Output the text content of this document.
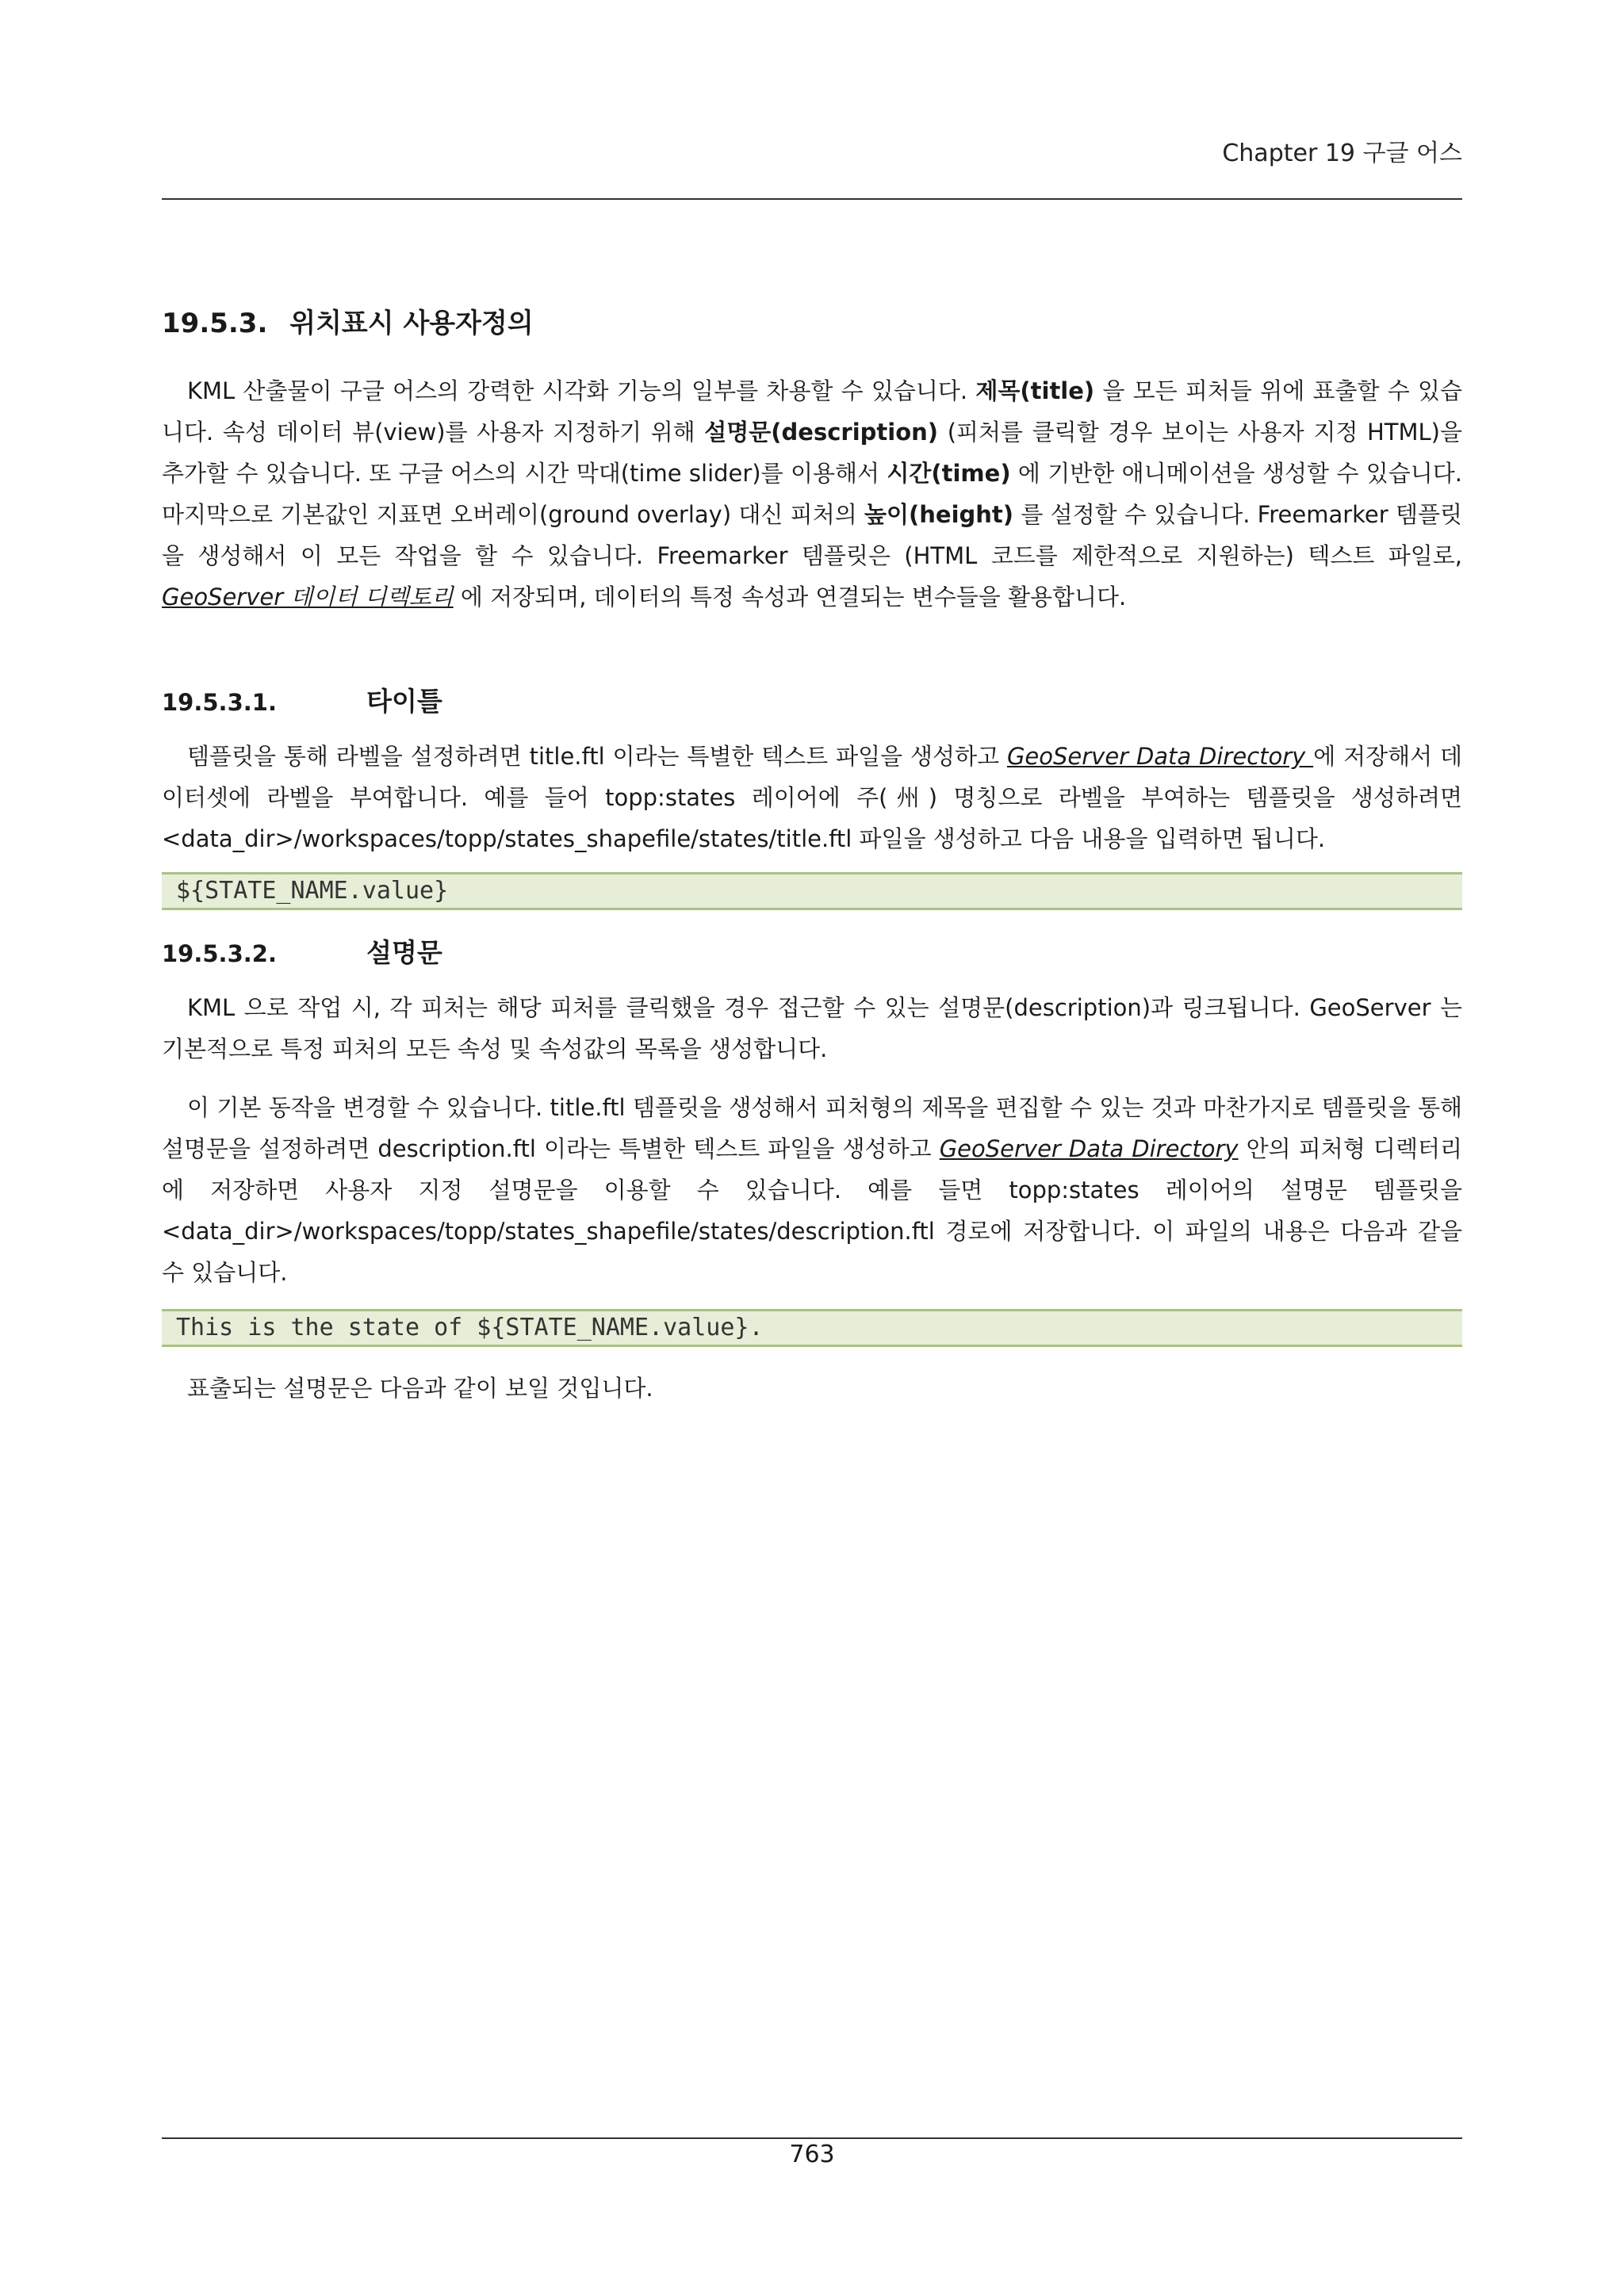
Chapter 19 구글 어스
19.5.3. 위치표시 사용자정의

KML 산출물이 구글 어스의 강력한 시각화 기능의 일부를 차용할 수 있습니다. 제목(title) 을 모든 피처들 위에 표출할 수 있습니다. 속성 데이터 뷰(view)를 사용자 지정하기 위해 설명문(description) (피처를 클릭할 경우 보이는 사용자 지정 HTML)을 추가할 수 있습니다. 또 구글 어스의 시간 막대(time slider)를 이용해서 시간(time) 에 기반한 애니메이션을 생성할 수 있습니다. 마지막으로 기본값인 지표면 오버레이(ground overlay) 대신 피처의 높이(height) 를 설정할 수 있습니다. Freemarker 템플릿을 생성해서 이 모든 작업을 할 수 있습니다. Freemarker 템플릿은 (HTML 코드를 제한적으로 지원하는) 텍스트 파일로, GeoServer 데이터 디렉토리 에 저장되며, 데이터의 특정 속성과 연결되는 변수들을 활용합니다.

19.5.3.1.	타이틀

템플릿을 통해 라벨을 설정하려면 title.ftl 이라는 특별한 텍스트 파일을 생성하고 GeoServer Data Directory 에 저장해서 데이터셋에 라벨을 부여합니다. 예를 들어 topp:states 레이어에 주(州) 명칭으로 라벨을 부여하는 템플릿을 생성하려면 <data_dir>/workspaces/topp/states_shapefile/states/title.ftl 파일을 생성하고 다음 내용을 입력하면 됩니다.

${STATE_NAME.value}
19.5.3.2.	설명문

KML 으로 작업 시, 각 피처는 해당 피처를 클릭했을 경우 접근할 수 있는 설명문(description)과 링크됩니다. GeoServer 는 기본적으로 특정 피처의 모든 속성 및 속성값의 목록을 생성합니다.

이 기본 동작을 변경할 수 있습니다. title.ftl 템플릿을 생성해서 피처형의 제목을 편집할 수 있는 것과 마찬가지로 템플릿을 통해 설명문을 설정하려면 description.ftl 이라는 특별한 텍스트 파일을 생성하고 GeoServer Data Directory 안의 피처형 디렉터리에 저장하면 사용자 지정 설명문을 이용할 수 있습니다. 예를 들면 topp:states 레이어의 설명문 템플릿을 <data_dir>/workspaces/topp/states_shapefile/states/description.ftl 경로에 저장합니다. 이 파일의 내용은 다음과 같을 수 있습니다.

This is the state of ${STATE_NAME.value}.

표출되는 설명문은 다음과 같이 보일 것입니다.

763
